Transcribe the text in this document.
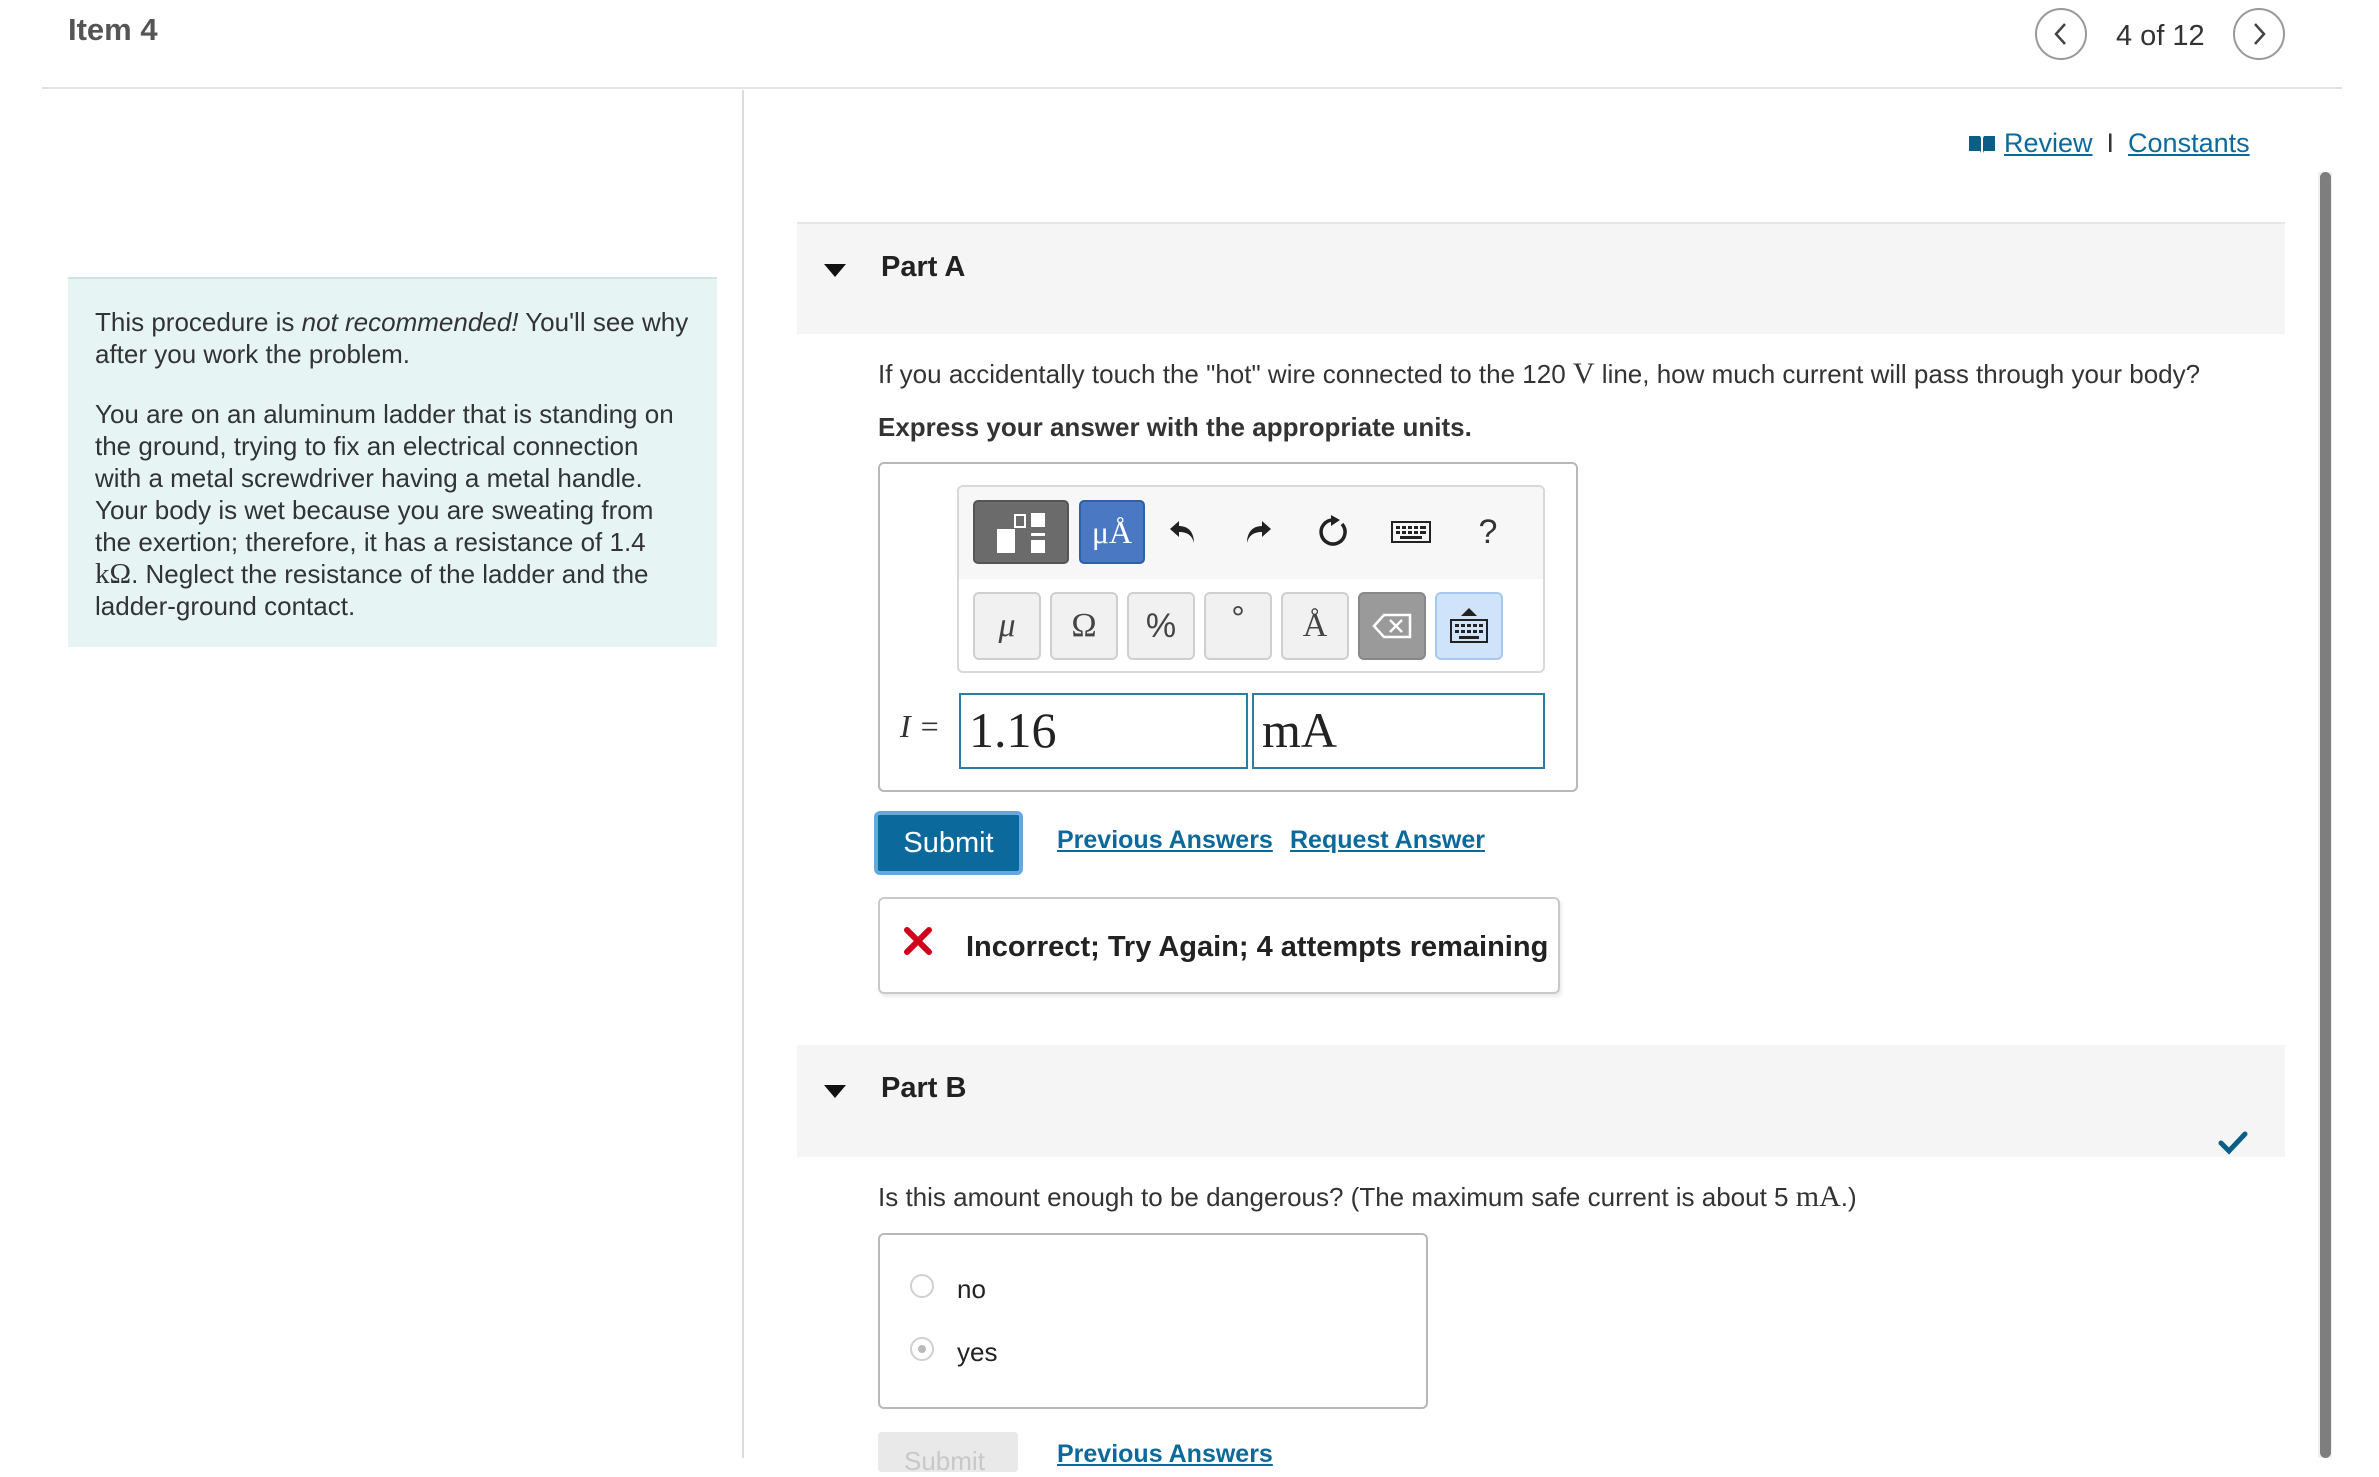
Item 4	4 of 12

This procedure is not recommended! You'll see why after you work the problem.

You are on an aluminum ladder that is standing on the ground, trying to fix an electrical connection with a metal screwdriver having a metal handle. Your body is wet because you are sweating from the exertion; therefore, it has a resistance of 1.4 kΩ. Neglect the resistance of the ladder and the ladder-ground contact.

Review I Constants
Part A
If you accidentally touch the "hot" wire connected to the 120 V line, how much current will pass through your body?
Express your answer with the appropriate units.
μÅ	?
μ Ω % ° Å
I = 1.16	mA
Submit	Previous Answers Request Answer
Incorrect; Try Again; 4 attempts remaining
Part B
Is this amount enough to be dangerous? (The maximum safe current is about 5 mA.)
no
yes
Submit	Previous Answers
